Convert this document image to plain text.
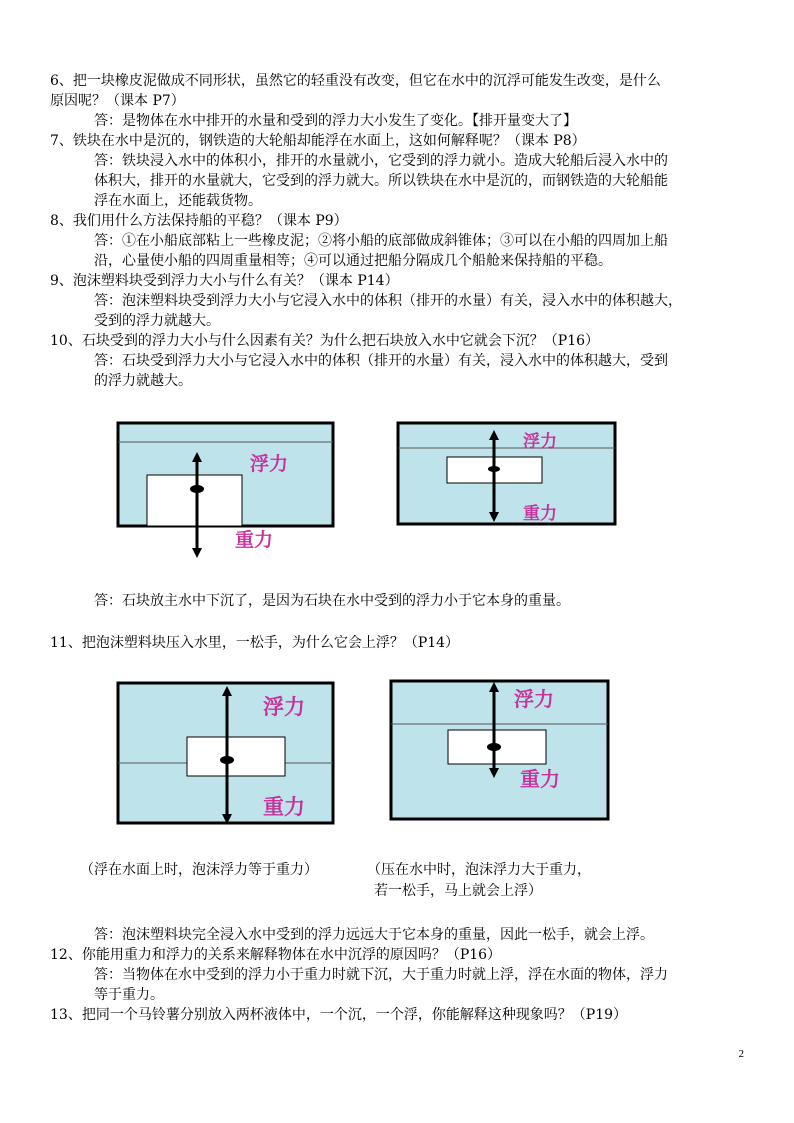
6、把一块橡皮泥做成不同形状，虽然它的轻重没有改变，但它在水中的沉浮可能发生改变，是什么
原因呢？（课本 P7）
答：是物体在水中排开的水量和受到的浮力大小发生了变化。【排开量变大了】
7、铁块在水中是沉的，钢铁造的大轮船却能浮在水面上，这如何解释呢？（课本 P8）
答：铁块浸入水中的体积小，排开的水量就小，它受到的浮力就小。造成大轮船后浸入水中的
体积大，排开的水量就大，它受到的浮力就大。所以铁块在水中是沉的，而钢铁造的大轮船能
浮在水面上，还能载货物。
8、我们用什么方法保持船的平稳？（课本 P9）
答：①在小船底部粘上一些橡皮泥；②将小船的底部做成斜锥体；③可以在小船的四周加上船
沿，心量使小船的四周重量相等；④可以通过把船分隔成几个船舱来保持船的平稳。
9、泡沫塑料块受到浮力大小与什么有关？（课本 P14）
答：泡沫塑料块受到浮力大小与它浸入水中的体积（排开的水量）有关，浸入水中的体积越大，
受到的浮力就越大。
10、石块受到的浮力大小与什么因素有关？为什么把石块放入水中它就会下沉？（P16）
答：石块受到浮力大小与它浸入水中的体积（排开的水量）有关，浸入水中的体积越大，受到
的浮力就越大。
浮力
重力
浮力
重力
答：石块放主水中下沉了，是因为石块在水中受到的浮力小于它本身的重量。
11、把泡沫塑料块压入水里，一松手，为什么它会上浮？（P14）
浮力
重力
浮力
重力
（浮在水面上时，泡沫浮力等于重力）	（压在水中时，泡沫浮力大于重力，
若一松手，马上就会上浮）
答：泡沫塑料块完全浸入水中受到的浮力远远大于它本身的重量，因此一松手，就会上浮。
12、你能用重力和浮力的关系来解释物体在水中沉浮的原因吗？（P16）
答：当物体在水中受到的浮力小于重力时就下沉，大于重力时就上浮，浮在水面的物体，浮力
等于重力。
13、把同一个马铃薯分别放入两杯液体中，一个沉，一个浮，你能解释这种现象吗？（P19）
2
